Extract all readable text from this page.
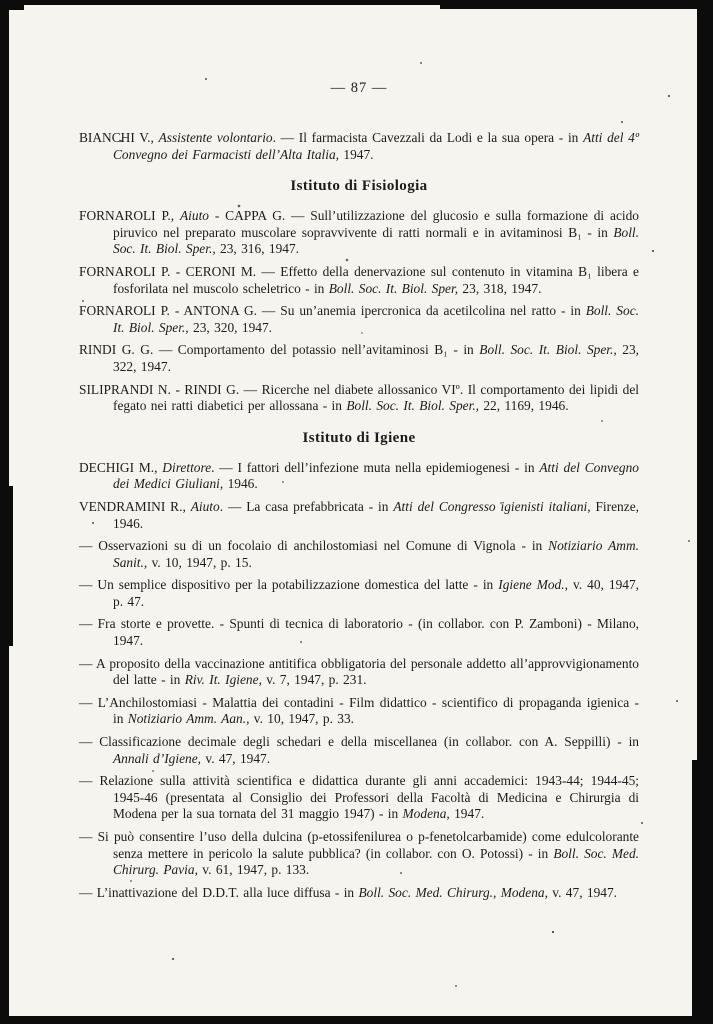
— 87 —

BIANCHI V., Assistente volontario. — Il farmacista Cavezzali da Lodi e la sua opera - in Atti del 4º Convegno dei Farmacisti dell’Alta Italia, 1947.

Istituto di Fisiologia

FORNAROLI P., Aiuto - CAPPA G. — Sull’utilizzazione del glucosio e sulla formazione di acido piruvico nel preparato muscolare sopravvivente di ratti normali e in avitaminosi B₁ - in Boll. Soc. It. Biol. Sper., 23, 316, 1947.

FORNAROLI P. - CERONI M. — Effetto della denervazione sul contenuto in vitamina B₁ libera e fosforilata nel muscolo scheletrico - in Boll. Soc. It. Biol. Sper, 23, 318, 1947.

FORNAROLI P. - ANTONA G. — Su un’anemia ipercronica da acetilcolina nel ratto - in Boll. Soc. It. Biol. Sper., 23, 320, 1947.

RINDI G. G. — Comportamento del potassio nell’avitaminosi B₁ - in Boll. Soc. It. Biol. Sper., 23, 322, 1947.

SILIPRANDI N. - RINDI G. — Ricerche nel diabete allossanico VIº. Il comportamento dei lipidi del fegato nei ratti diabetici per allossana - in Boll. Soc. It. Biol. Sper., 22, 1169, 1946.

Istituto di Igiene

DECHIGI M., Direttore. — I fattori dell’infezione muta nella epidemiogenesi - in Atti del Convegno dei Medici Giuliani, 1946.

VENDRAMINI R., Aiuto. — La casa prefabbricata - in Atti del Congresso igienisti italiani, Firenze, 1946.

— Osservazioni su di un focolaio di anchilostomiasi nel Comune di Vignola - in Notiziario Amm. Sanit., v. 10, 1947, p. 15.

— Un semplice dispositivo per la potabilizzazione domestica del latte - in Igiene Mod., v. 40, 1947, p. 47.

— Fra storte e provette. - Spunti di tecnica di laboratorio - (in collabor. con P. Zamboni) - Milano, 1947.

— A proposito della vaccinazione antitifica obbligatoria del personale addetto all’approvvigionamento del latte - in Riv. It. Igiene, v. 7, 1947, p. 231.

— L’Anchilostomiasi - Malattia dei contadini - Film didattico - scientifico di propaganda igienica - in Notiziario Amm. Aan., v. 10, 1947, p. 33.

— Classificazione decimale degli schedari e della miscellanea (in collabor. con A. Seppilli) - in Annali d’Igiene, v. 47, 1947.

— Relazione sulla attività scientifica e didattica durante gli anni accademici: 1943-44; 1944-45; 1945-46 (presentata al Consiglio dei Professori della Facoltà di Medicina e Chirurgia di Modena per la sua tornata del 31 maggio 1947) - in Modena, 1947.

— Si può consentire l’uso della dulcina (p-etossifenilurea o p-fenetolcarbamide) come edulcolorante senza mettere in pericolo la salute pubblica? (in collabor. con O. Potossi) - in Boll. Soc. Med. Chirurg. Pavia, v. 61, 1947, p. 133.

— L’inattivazione del D.D.T. alla luce diffusa - in Boll. Soc. Med. Chirurg., Modena, v. 47, 1947.
